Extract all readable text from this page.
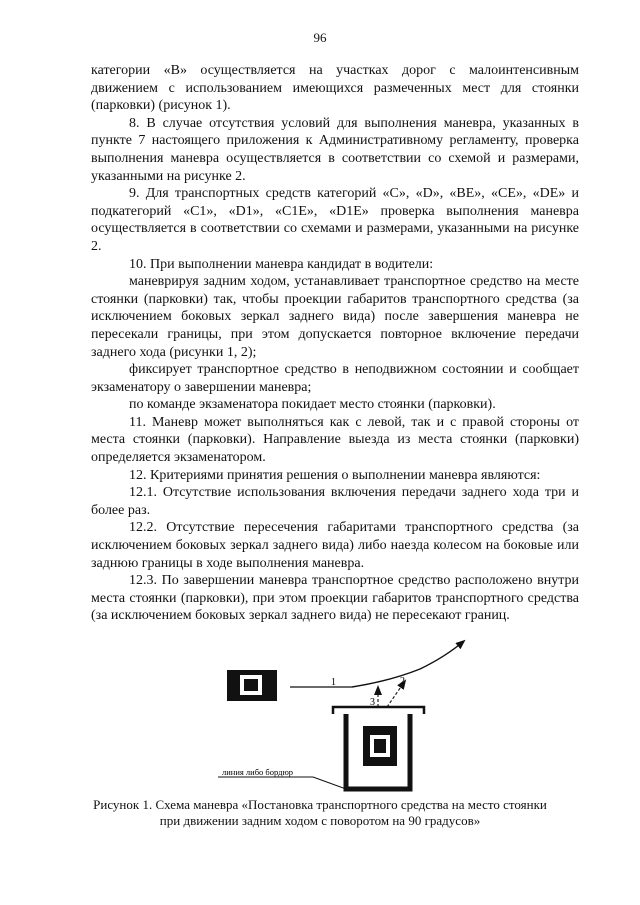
96

категории «В» осуществляется на участках дорог с малоинтенсивным движением с использованием имеющихся размеченных мест для стоянки (парковки) (рисунок 1).

8. В случае отсутствия условий для выполнения маневра, указанных в пункте 7 настоящего приложения к Административному регламенту, проверка выполнения маневра осуществляется в соответствии со схемой и размерами, указанными на рисунке 2.

9. Для транспортных средств категорий «С», «D», «ВЕ», «СЕ», «DE» и подкатегорий «С1», «D1», «С1Е», «D1E» проверка выполнения маневра осуществляется в соответствии со схемами и размерами, указанными на рисунке 2.

10. При выполнении маневра кандидат в водители:

маневрируя задним ходом, устанавливает транспортное средство на месте стоянки (парковки) так, чтобы проекции габаритов транспортного средства (за исключением боковых зеркал заднего вида) после завершения маневра не пересекали границы, при этом допускается повторное включение передачи заднего хода (рисунки 1, 2);

фиксирует транспортное средство в неподвижном состоянии и сообщает экзаменатору о завершении маневра;

по команде экзаменатора покидает место стоянки (парковки).

11. Маневр может выполняться как с левой, так и с правой стороны от места стоянки (парковки). Направление выезда из места стоянки (парковки) определяется экзаменатором.

12. Критериями принятия решения о выполнении маневра являются:

12.1. Отсутствие использования включения передачи заднего хода три и более раз.

12.2. Отсутствие пересечения габаритами транспортного средства (за исключением боковых зеркал заднего вида) либо наезда колесом на боковые или заднюю границы в ходе выполнения маневра.

12.3. По завершении маневра транспортное средство расположено внутри места стоянки (парковки), при этом проекции габаритов транспортного средства (за исключением боковых зеркал заднего вида) не пересекают границ.

1	2
3
линия либо бордюр
Рисунок 1. Схема маневра «Постановка транспортного средства на место стоянки
при движении задним ходом с поворотом на 90 градусов»
